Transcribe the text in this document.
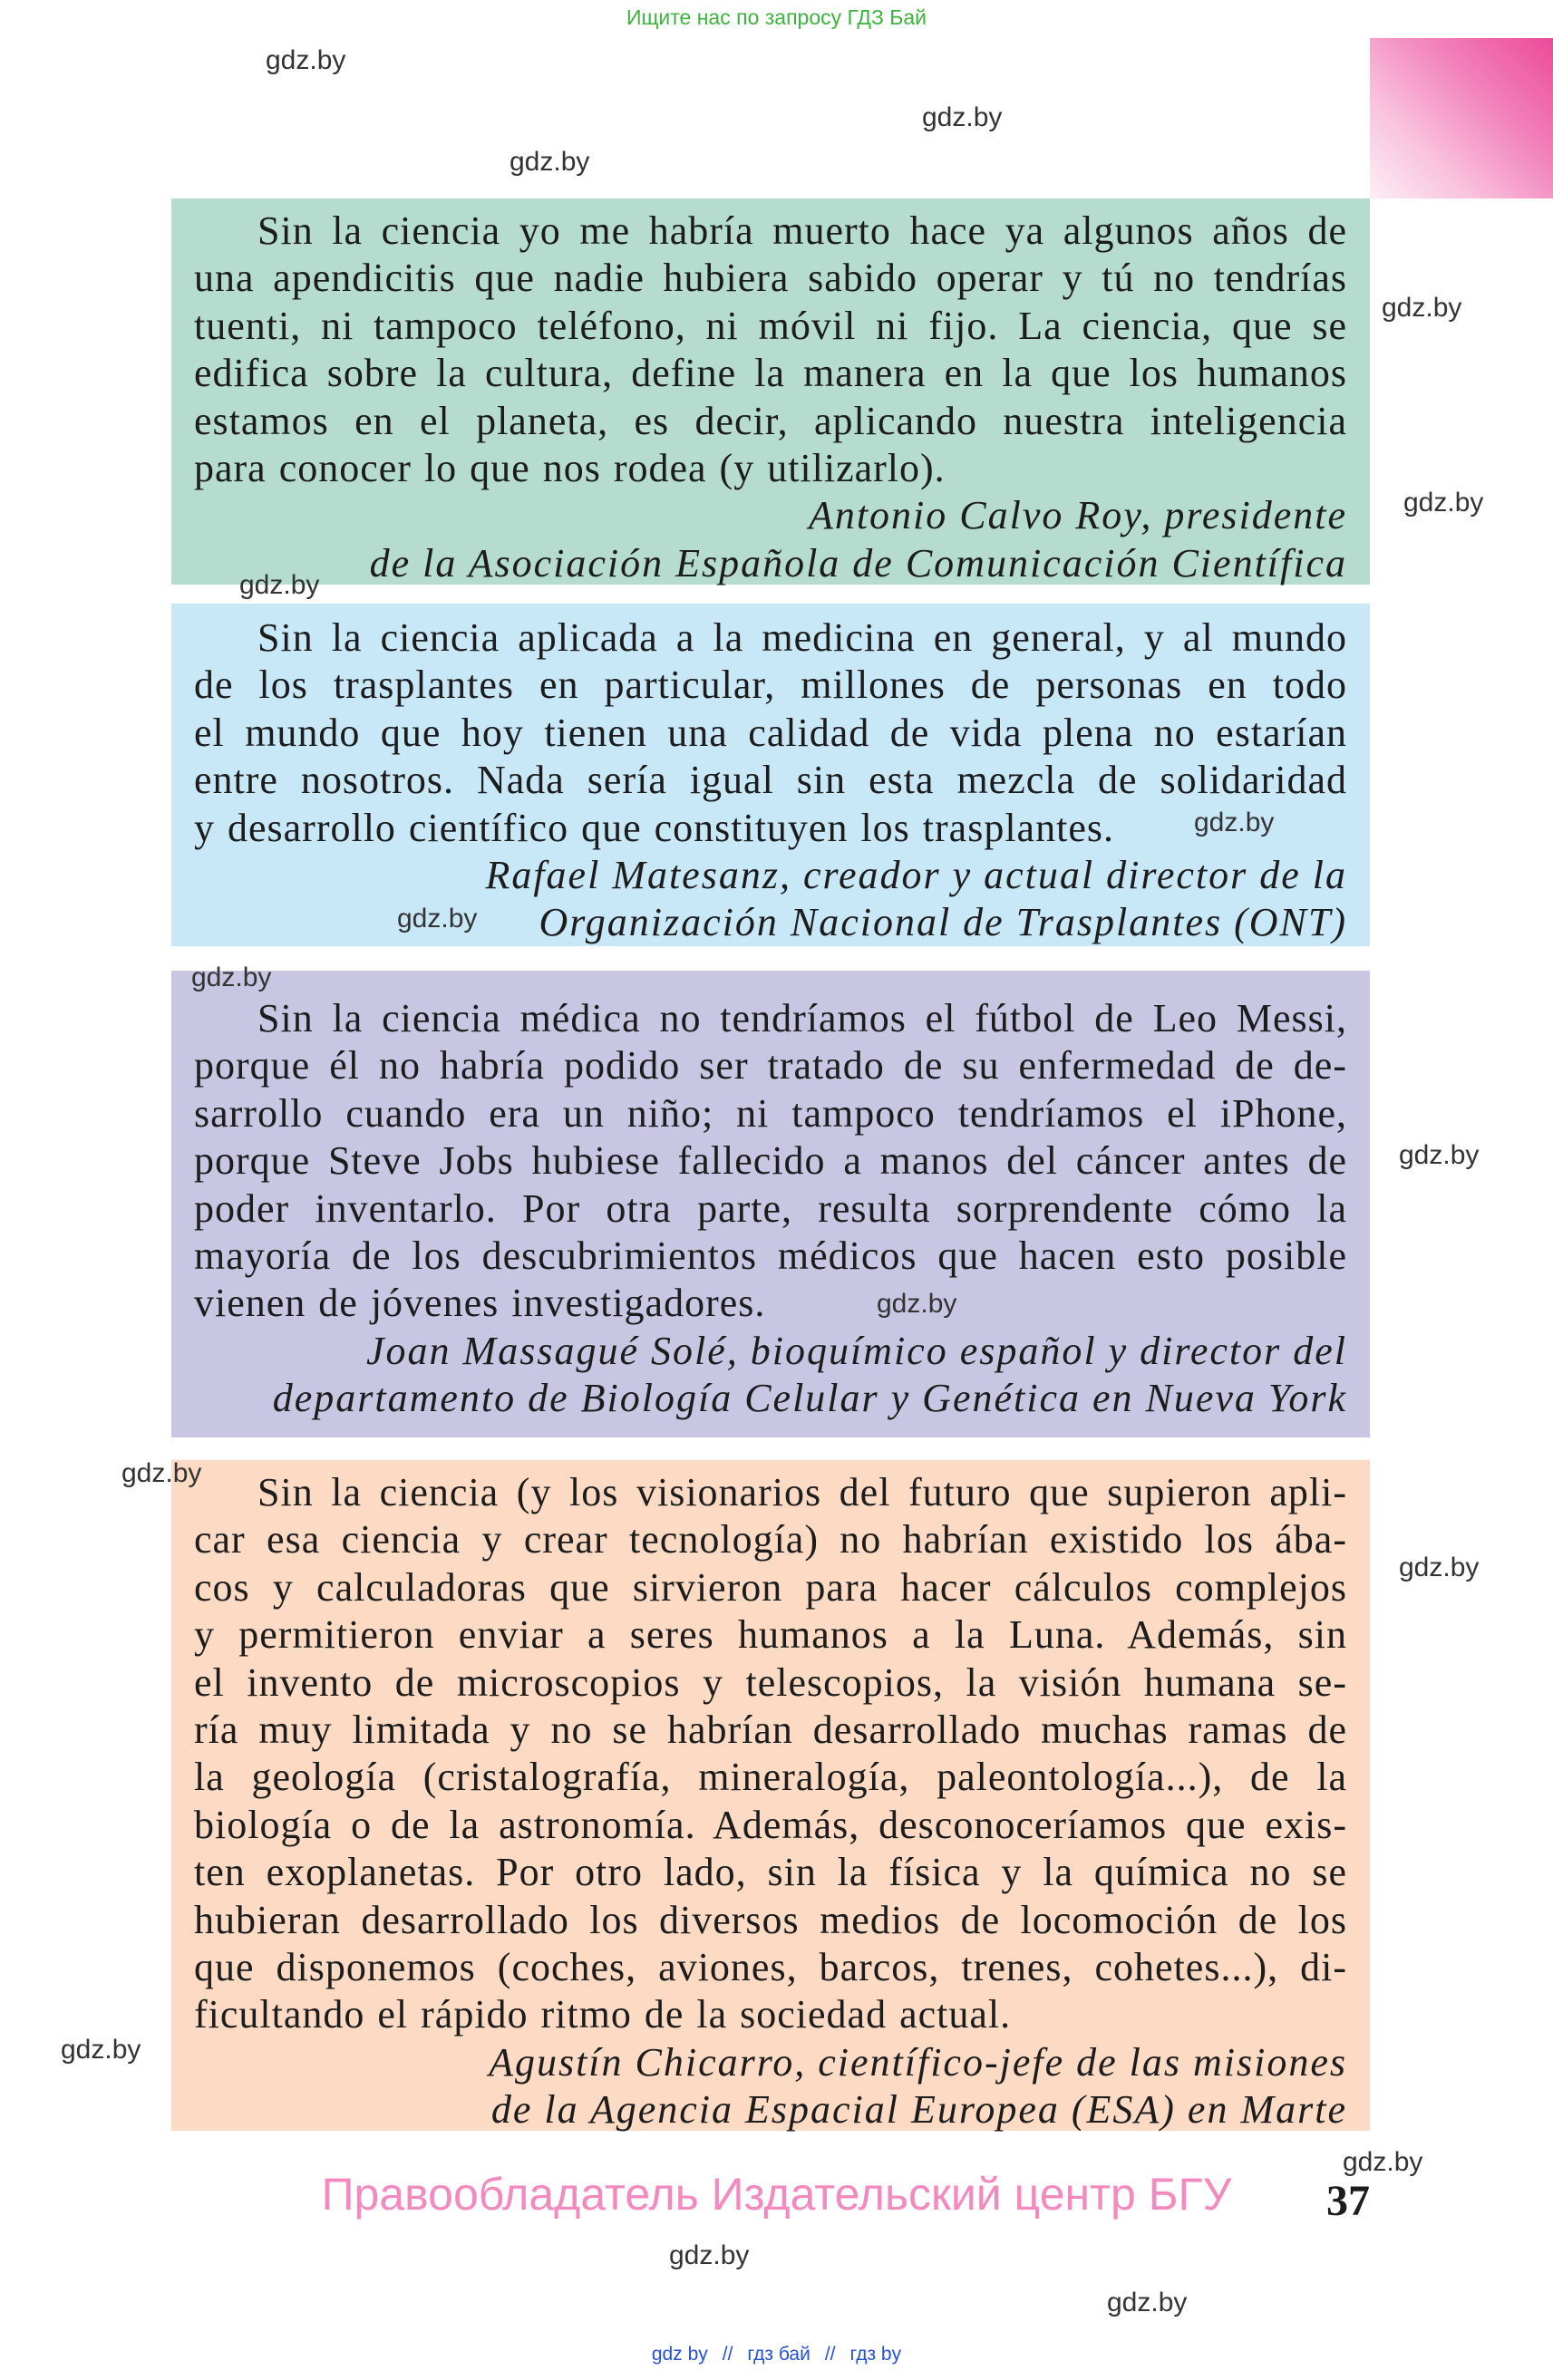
Ищите нас по запросу ГДЗ Бай
Sin la ciencia yo me habría muerto hace ya algunos años de
una apendicitis que nadie hubiera sabido operar y tú no tendrías
tuenti, ni tampoco teléfono, ni móvil ni fijo. La ciencia, que se
edifica sobre la cultura, define la manera en la que los humanos
estamos en el planeta, es decir, aplicando nuestra inteligencia
para conocer lo que nos rodea (y utilizarlo).
Antonio Calvo Roy, presidente
de la Asociación Española de Comunicación Científica
Sin la ciencia aplicada a la medicina en general, y al mundo
de los trasplantes en particular, millones de personas en todo
el mundo que hoy tienen una calidad de vida plena no estarían
entre nosotros. Nada sería igual sin esta mezcla de solidaridad
y desarrollo científico que constituyen los trasplantes.
Rafael Matesanz, creador y actual director de la
Organización Nacional de Trasplantes (ONT)
Sin la ciencia médica no tendríamos el fútbol de Leo Messi,
porque él no habría podido ser tratado de su enfermedad de de-
sarrollo cuando era un niño; ni tampoco tendríamos el iPhone,
porque Steve Jobs hubiese fallecido a manos del cáncer antes de
poder inventarlo. Por otra parte, resulta sorprendente cómo la
mayoría de los descubrimientos médicos que hacen esto posible
vienen de jóvenes investigadores.
Joan Massagué Solé, bioquímico español y director del
departamento de Biología Celular y Genética en Nueva York
Sin la ciencia (y los visionarios del futuro que supieron apli-
car esa ciencia y crear tecnología) no habrían existido los ába-
cos y calculadoras que sirvieron para hacer cálculos complejos
y permitieron enviar a seres humanos a la Luna. Además, sin
el invento de microscopios y telescopios, la visión humana se-
ría muy limitada y no se habrían desarrollado muchas ramas de
la geología (cristalografía, mineralogía, paleontología...), de la
biología o de la astronomía. Además, desconoceríamos que exis-
ten exoplanetas. Por otro lado, sin la física y la química no se
hubieran desarrollado los diversos medios de locomoción de los
que disponemos (coches, aviones, barcos, trenes, cohetes...), di-
ficultando el rápido ritmo de la sociedad actual.
Agustín Chicarro, científico-jefe de las misiones
de la Agencia Espacial Europea (ESA) en Marte
gdz.by
gdz.by
gdz.by
gdz.by
gdz.by
gdz.by
gdz.by
gdz.by
gdz.by
gdz.by
gdz.by
gdz.by
gdz.by
gdz.by
gdz.by
gdz.by
gdz.by
Правообладатель Издательский центр БГУ	37
gdz by // гдз бай // гдз by
